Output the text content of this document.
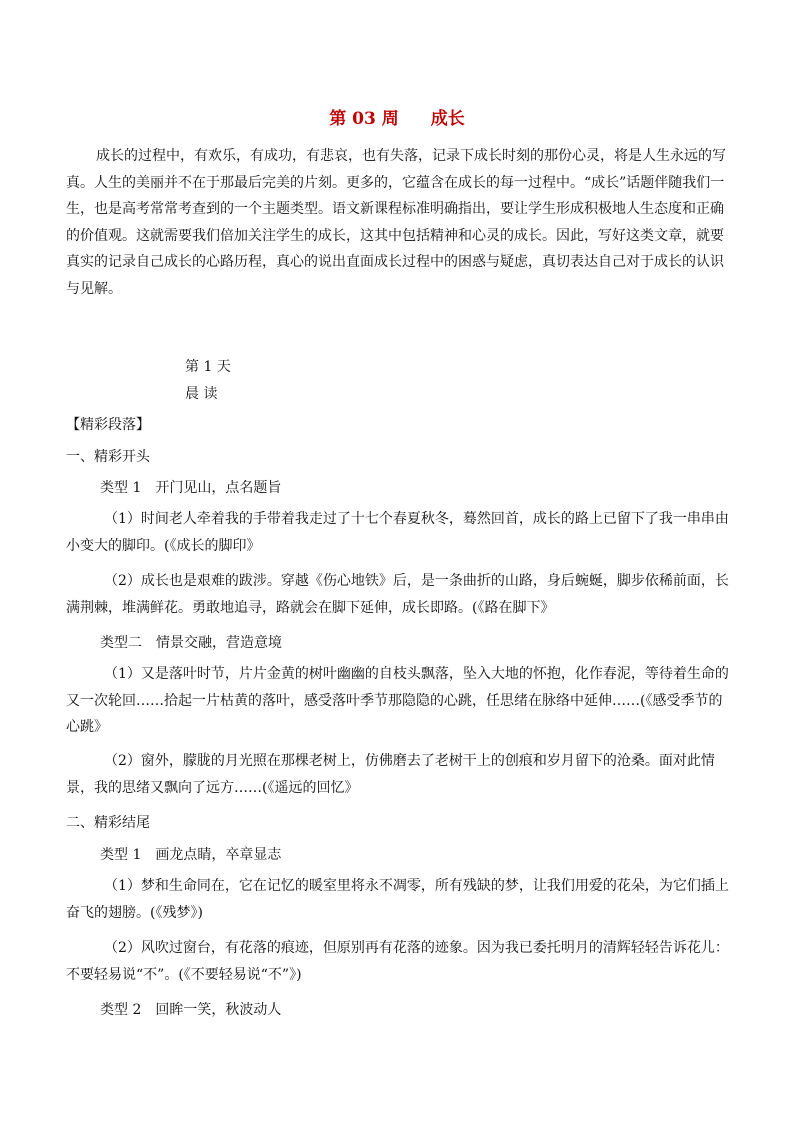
第 03 周 成长
成长的过程中，有欢乐，有成功，有悲哀，也有失落，记录下成长时刻的那份心灵，将是人生永远的写真。人生的美丽并不在于那最后完美的片刻。更多的，它蕴含在成长的每一过程中。“成长”话题伴随我们一生，也是高考常常考查到的一个主题类型。语文新课程标准明确指出，要让学生形成积极地人生态度和正确的价值观。这就需要我们倍加关注学生的成长，这其中包括精神和心灵的成长。因此，写好这类文章，就要真实的记录自己成长的心路历程，真心的说出直面成长过程中的困惑与疑虑，真切表达自己对于成长的认识与见解。
第 1 天
晨 读
【精彩段落】
一、精彩开头
类型 1　开门见山，点名题旨
（1）时间老人牵着我的手带着我走过了十七个春夏秋冬，蓦然回首，成长的路上已留下了我一串串由小变大的脚印。(《成长的脚印》
（2）成长也是艰难的跋涉。穿越《伤心地铁》后，是一条曲折的山路，身后蜿蜒，脚步依稀前面，长满荆棘，堆满鲜花。勇敢地追寻，路就会在脚下延伸，成长即路。(《路在脚下》
类型二　情景交融，营造意境
（1）又是落叶时节，片片金黄的树叶幽幽的自枝头飘落，坠入大地的怀抱，化作春泥，等待着生命的又一次轮回……拾起一片枯黄的落叶，感受落叶季节那隐隐的心跳，任思绪在脉络中延伸……(《感受季节的心跳》
（2）窗外，朦胧的月光照在那棵老树上，仿佛磨去了老树干上的创痕和岁月留下的沧桑。面对此情景，我的思绪又飘向了远方……(《遥远的回忆》
二、精彩结尾
类型 1　画龙点睛，卒章显志
（1）梦和生命同在，它在记忆的暖室里将永不凋零，所有残缺的梦，让我们用爱的花朵，为它们插上奋飞的翅膀。(《残梦》)
（2）风吹过窗台，有花落的痕迹，但原别再有花落的迹象。因为我已委托明月的清辉轻轻告诉花儿：不要轻易说“不”。(《不要轻易说“不”》)
类型 2　回眸一笑，秋波动人
